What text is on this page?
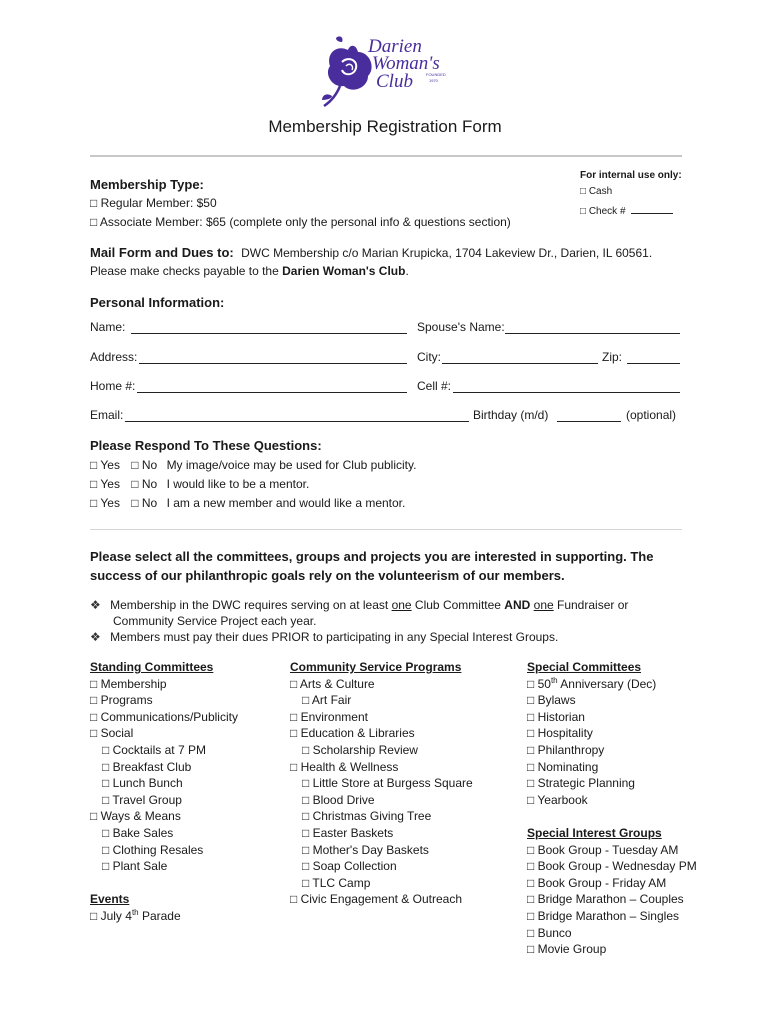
Darien
Woman's
Club	FOUNDED
1970
Membership Registration Form
For internal use only:
□ Cash
□ Check #
Membership Type:
□ Regular Member: $50
□ Associate Member: $65 (complete only the personal info & questions section)
Mail Form and Dues to: DWC Membership c/o Marian Krupicka, 1704 Lakeview Dr., Darien, IL 60561.
Please make checks payable to the Darien Woman's Club.
Personal Information:
Name:	Spouse's Name:
Address:	City:	Zip:
Home #:	Cell #:
Email:	Birthday (m/d)	(optional)
Please Respond To These Questions:
□ Yes □ No My image/voice may be used for Club publicity.
□ Yes □ No I would like to be a mentor.
□ Yes □ No I am a new member and would like a mentor.
Please select all the committees, groups and projects you are interested in supporting. The success of our philanthropic goals rely on the volunteerism of our members.
❖ Membership in the DWC requires serving on at least one Club Committee AND one Fundraiser or
Community Service Project each year.
❖ Members must pay their dues PRIOR to participating in any Special Interest Groups.
Standing Committees
□ Membership
□ Programs
□ Communications/Publicity
□ Social
□ Cocktails at 7 PM
□ Breakfast Club
□ Lunch Bunch
□ Travel Group
□ Ways & Means
□ Bake Sales
□ Clothing Resales
□ Plant Sale
Events
□ July 4th Parade
Community Service Programs
□ Arts & Culture
□ Art Fair
□ Environment
□ Education & Libraries
□ Scholarship Review
□ Health & Wellness
□ Little Store at Burgess Square
□ Blood Drive
□ Christmas Giving Tree
□ Easter Baskets
□ Mother's Day Baskets
□ Soap Collection
□ TLC Camp
□ Civic Engagement & Outreach
Special Committees
□ 50th Anniversary (Dec)
□ Bylaws
□ Historian
□ Hospitality
□ Philanthropy
□ Nominating
□ Strategic Planning
□ Yearbook
Special Interest Groups
□ Book Group - Tuesday AM
□ Book Group - Wednesday PM
□ Book Group - Friday AM
□ Bridge Marathon – Couples
□ Bridge Marathon – Singles
□ Bunco
□ Movie Group
